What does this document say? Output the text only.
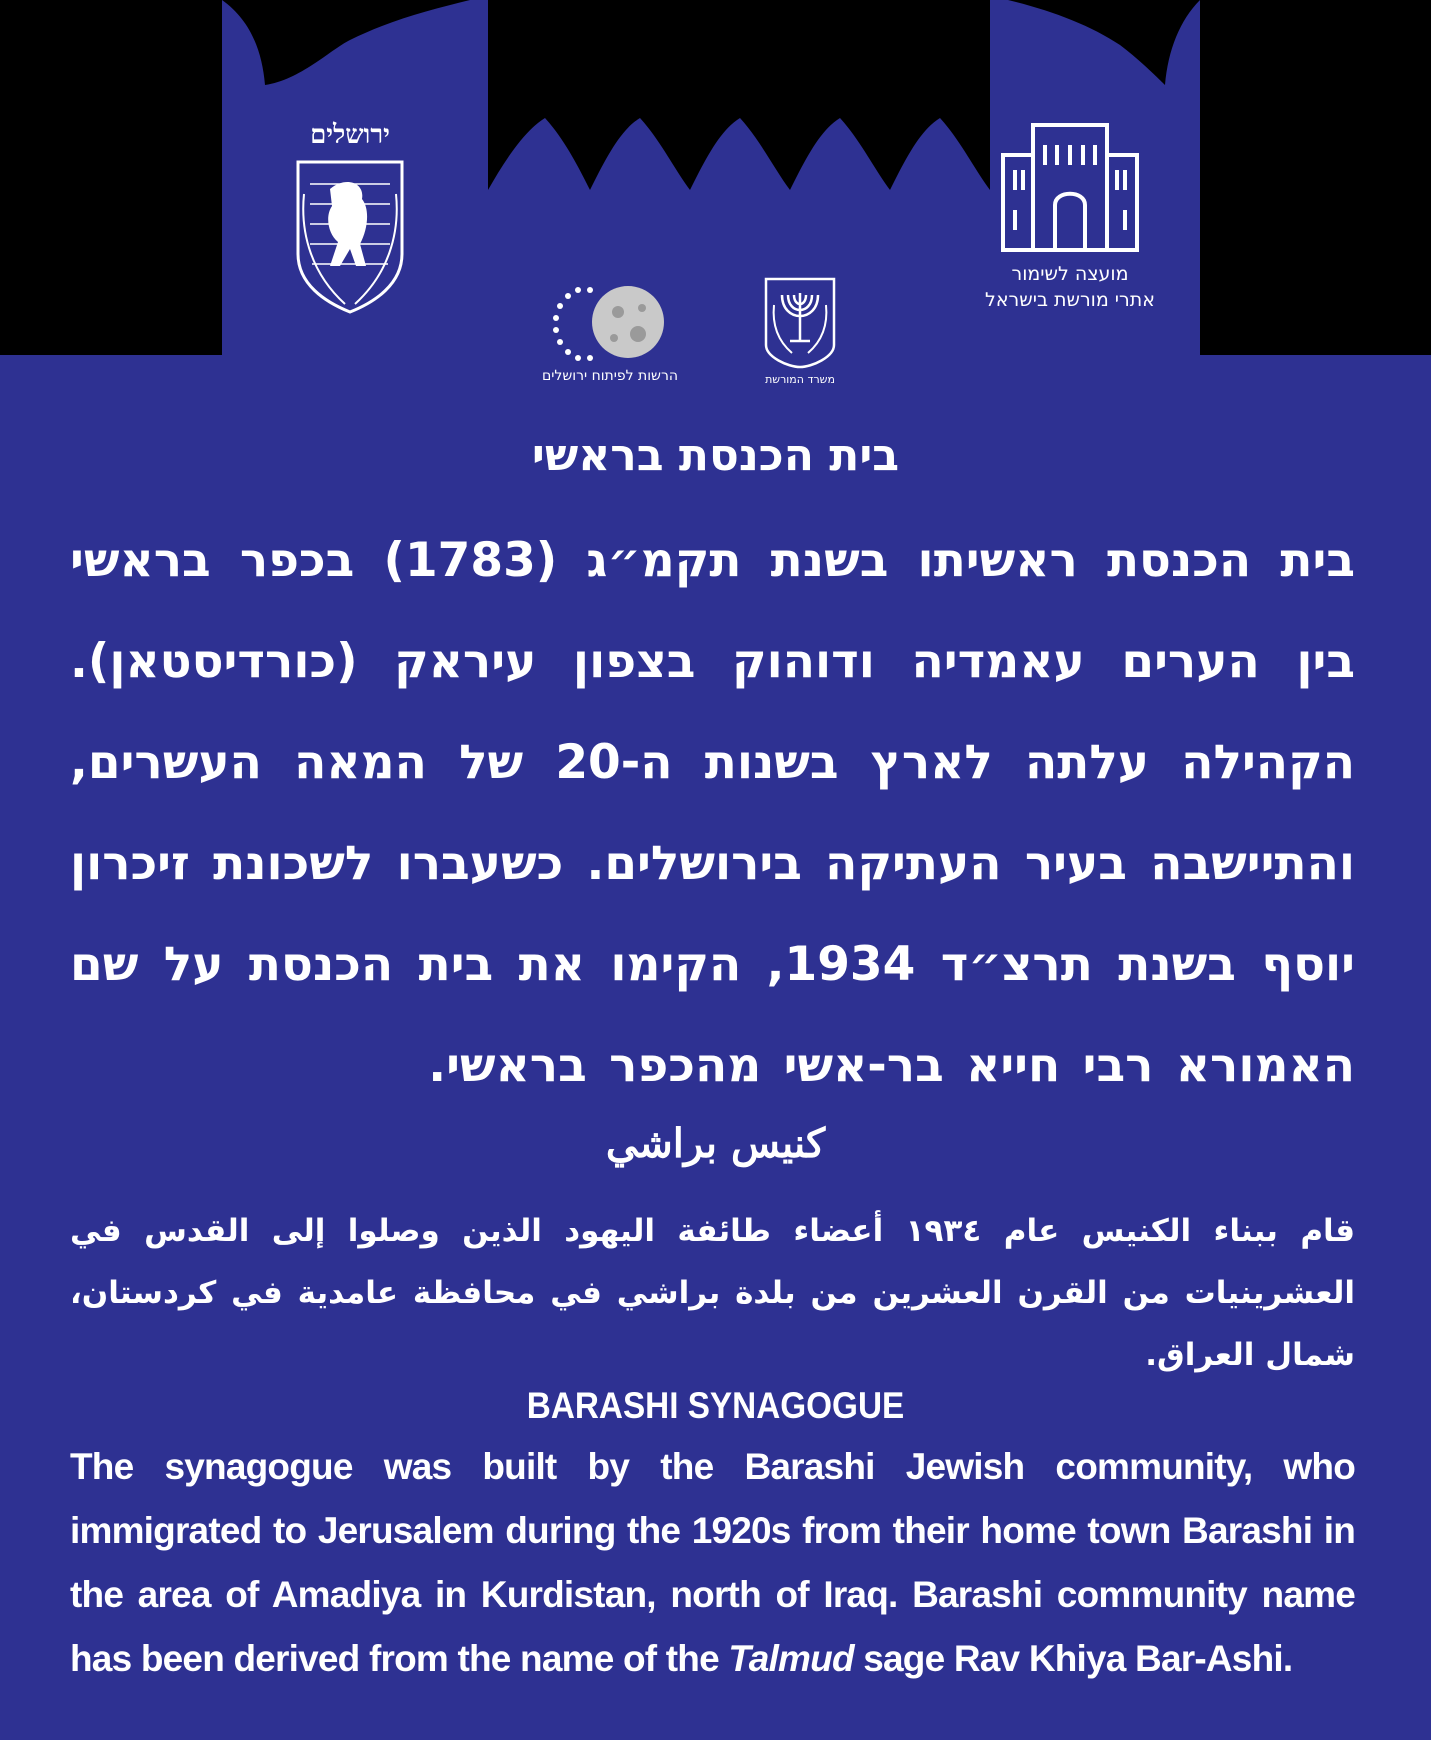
ירושלים
מועצה לשימור
אתרי מורשת בישראל
הרשות לפיתוח ירושלים	משרד המורשת
בית הכנסת בראשי
בית הכנסת ראשיתו בשנת תקמ״ג (1783) בכפר בראשי בין הערים עאמדיה ודוהוק בצפון עיראק (כורדיסטאן). הקהילה עלתה לארץ בשנות ה-20 של המאה העשרים, והתיישבה בעיר העתיקה בירושלים. כשעברו לשכונת זיכרון יוסף בשנת תרצ״ד 1934, הקימו את בית הכנסת על שם האמורא רבי חייא בר-אשי מהכפר בראשי.
كنيس براشي
قام ببناء الكنيس عام ١٩٣٤ أعضاء طائفة اليهود الذين وصلوا إلى القدس في العشرينيات من القرن العشرين من بلدة براشي في محافظة عامدية في كردستان، شمال العراق.
BARASHI SYNAGOGUE
The synagogue was built by the Barashi Jewish community, who immigrated to Jerusalem during the 1920s from their home town Barashi in the area of Amadiya in Kurdistan, north of Iraq. Barashi community name has been derived from the name of the Talmud sage Rav Khiya Bar-Ashi.
